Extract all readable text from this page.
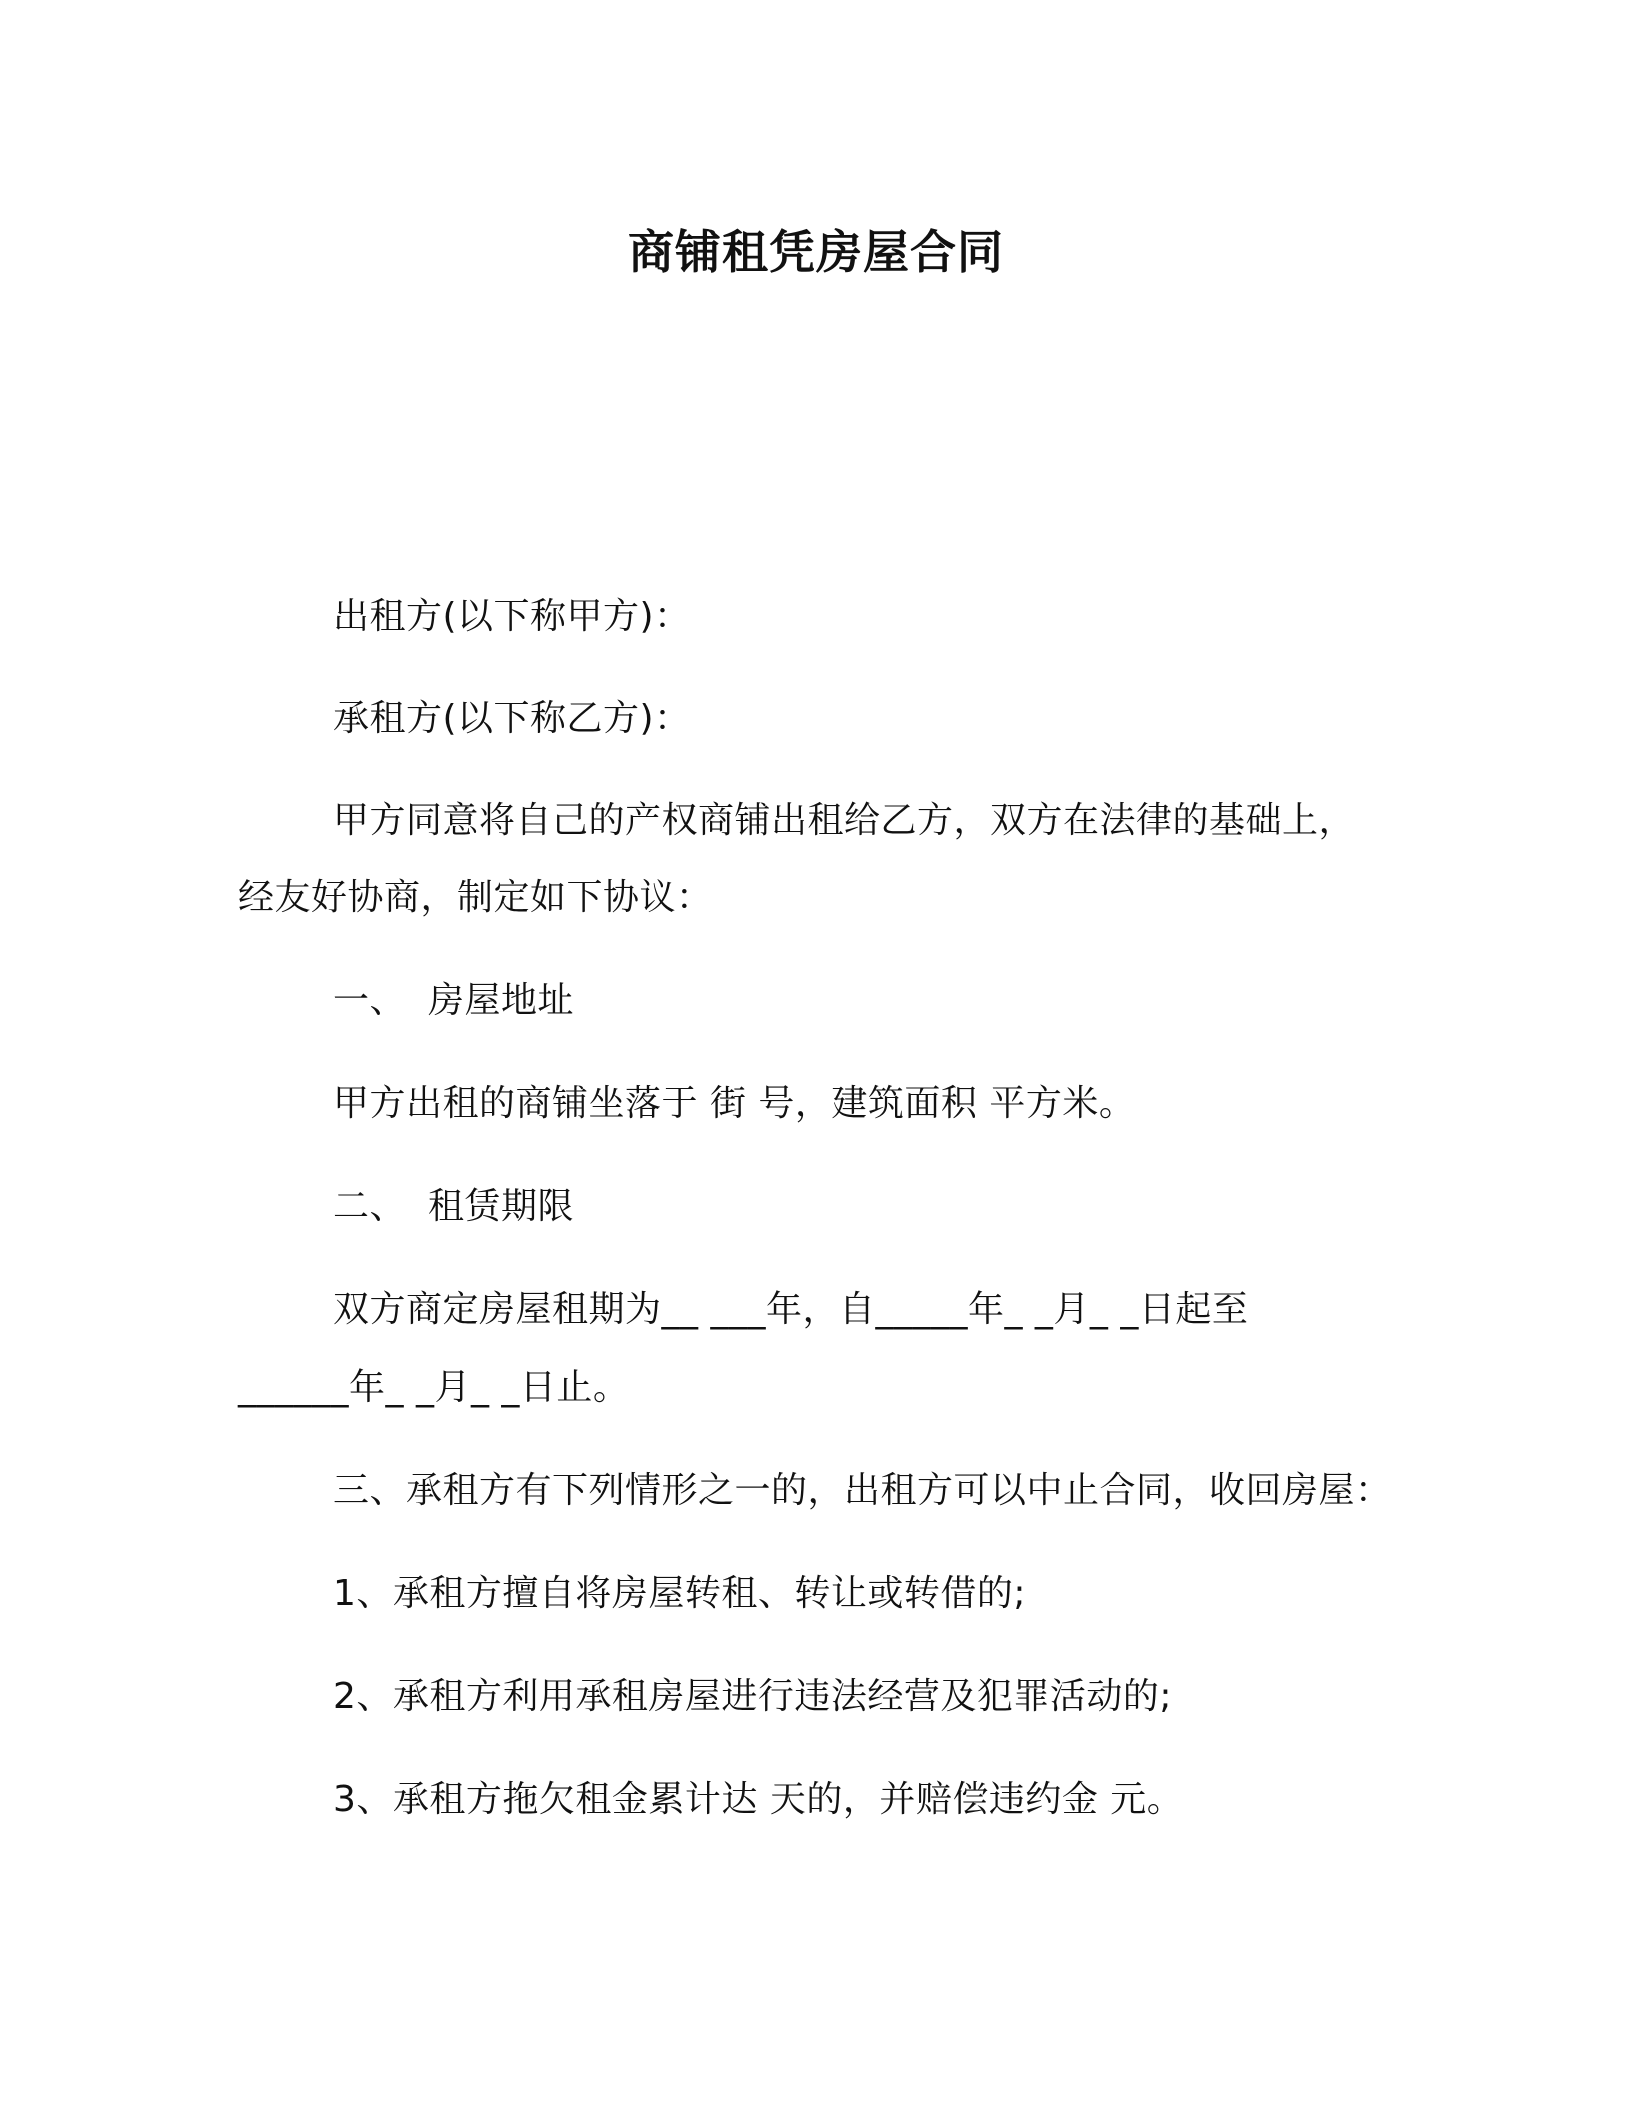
商铺租凭房屋合同
出租方(以下称甲方)：
承租方(以下称乙方)：
甲方同意将自己的产权商铺出租给乙方，双方在法律的基础上，
经友好协商，制定如下协议：
一、 房屋地址
甲方出租的商铺坐落于 街 号，建筑面积 平方米。
二、 租赁期限
双方商定房屋租期为__ ___年，自_____年_ _月_ _日起至
______年_ _月_ _日止。
三、承租方有下列情形之一的，出租方可以中止合同，收回房屋：
1、承租方擅自将房屋转租、转让或转借的;
2、承租方利用承租房屋进行违法经营及犯罪活动的;
3、承租方拖欠租金累计达 天的，并赔偿违约金 元。
